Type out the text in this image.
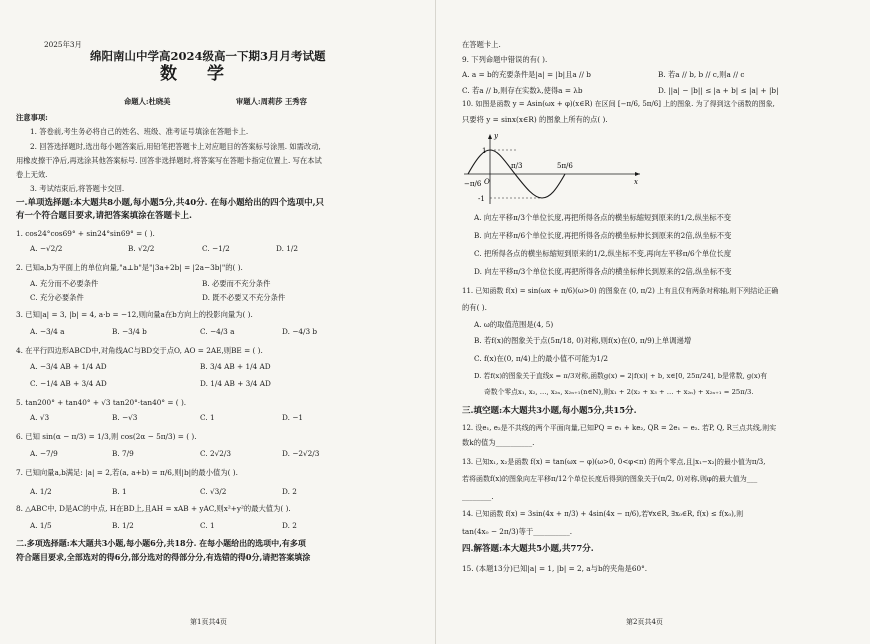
2025年3月
绵阳南山中学高2024级高一下期3月月考试题
数学
命题人:杜晓美	审题人:周莉莎 王秀容
注意事项:
1. 答卷前,考生务必将自己的姓名、班级、准考证号填涂在答题卡上.
2. 回答选择题时,选出每小题答案后,用铅笔把答题卡上对应题目的答案标号涂黑. 如需改动,
用橡皮擦干净后,再选涂其他答案标号. 回答非选择题时,将答案写在答题卡指定位置上. 写在本试
卷上无效.
3. 考试结束后,将答题卡交回.
一.单项选择题:本大题共8小题,每小题5分,共40分. 在每小题给出的四个选项中,只
有一个符合题目要求,请把答案填涂在答题卡上.
1. cos24°cos69° + sin24°sin69° = ( ).
A. −√2/2	B. √2/2	C. −1/2	D. 1/2
2. 已知a,b为平面上的单位向量,"a⊥b"是"|3a+2b| = |2a−3b|"的( ).
A. 充分而不必要条件	B. 必要而不充分条件
C. 充分必要条件	D. 既不必要又不充分条件
3. 已知|a| = 3, |b| = 4, a·b = −12,则向量a在b方向上的投影向量为( ).
A. −3/4 a	B. −3/4 b	C. −4/3 a	D. −4/3 b
4. 在平行四边形ABCD中,对角线AC与BD交于点O, AO = 2AE,则BE = ( ).
A. −3/4 AB + 1/4 AD	B. 3/4 AB + 1/4 AD
C. −1/4 AB + 3/4 AD	D. 1/4 AB + 3/4 AD
5. tan200° + tan40° + √3 tan20°·tan40° = ( ).
A. √3	B. −√3	C. 1	D. −1
6. 已知 sin(α − π/3) = 1/3,则 cos(2α − 5π/3) = ( ).
A. −7/9	B. 7/9	C. 2√2/3	D. −2√2/3
7. 已知向量a,b满足: |a| = 2,若(a, a+b) = π/6,则|b|的最小值为( ).
A. 1/2	B. 1	C. √3/2	D. 2
8. △ABC中, D是AC的中点, H在BD上,且AH = xAB + yAC,则x²+y²的最大值为( ).
A. 1/5	B. 1/2	C. 1	D. 2
二.多项选择题:本大题共3小题,每小题6分,共18分. 在每小题给出的选项中,有多项
符合题目要求,全部选对的得6分,部分选对的得部分分,有选错的得0分,请把答案填涂
第1页共4页
在答题卡上.
9. 下列命题中错误的有( ).
A. a = b的充要条件是|a| = |b|且a // b	B. 若a // b, b // c,则a // c
C. 若a // b,则存在实数λ,使得a = λb	D. ||a| − |b|| ≤ |a + b| ≤ |a| + |b|
10. 如图是函数 y = Asin(ωx + φ)(x∈R) 在区间 [−π/6, 5π/6] 上的图象. 为了得到这个函数的图象,
只要将 y = sinx(x∈R) 的图象上所有的点( ).
1
-1
O
π/3	5π/6
−π/6	x
y
A. 向左平移π/3个单位长度,再把所得各点的横坐标缩短到原来的1/2,纵坐标不变
B. 向左平移π/6个单位长度,再把所得各点的横坐标伸长到原来的2倍,纵坐标不变
C. 把所得各点的横坐标缩短到原来的1/2,纵坐标不变,再向左平移π/6个单位长度
D. 向左平移π/3个单位长度,再把所得各点的横坐标伸长到原来的2倍,纵坐标不变
11. 已知函数 f(x) = sin(ωx + π/6)(ω>0) 的图象在 (0, π/2) 上有且仅有两条对称轴,则下列结论正确
的有( ).
A. ω的取值范围是(4, 5)
B. 若f(x)的图象关于点(5π/18, 0)对称,则f(x)在(0, π/9)上单调递增
C. f(x)在(0, π/4)上的最小值不可能为1/2
D. 若f(x)的图象关于直线x = π/3对称,函数g(x) = 2|f(x)| + b, x∈[0, 25π/24], b是常数, g(x)有
奇数个零点x₁, x₂, …, x₂ₙ, x₂ₙ₊₁(n∈N),则x₁ + 2(x₂ + x₃ + … + x₂ₙ) + x₂ₙ₊₁ = 25π/3.
三.填空题:本大题共3小题,每小题5分,共15分.
12. 设e₁, e₂是不共线的两个平面向量,已知PQ = e₁ + ke₂, QR = 2e₁ − e₂. 若P, Q, R三点共线,则实
数k的值为__________.
13. 已知x₁, x₂是函数 f(x) = tan(ωx − φ)(ω>0, 0<φ<π) 的两个零点,且|x₁−x₂|的最小值为π/3,
若将函数f(x)的图象向左平移π/12个单位长度后得到的图象关于(π/2, 0)对称,则φ的最大值为___
________.
14. 已知函数 f(x) = 3sin(4x + π/3) + 4sin(4x − π/6),若∀x∈R, ∃x₀∈R, f(x) ≤ f(x₀),则
tan(4x₀ − 2π/3)等于__________.
四.解答题:本大题共5小题,共77分.
15. (本题13分)已知|a| = 1, |b| = 2, a与b的夹角是60°.
第2页共4页
